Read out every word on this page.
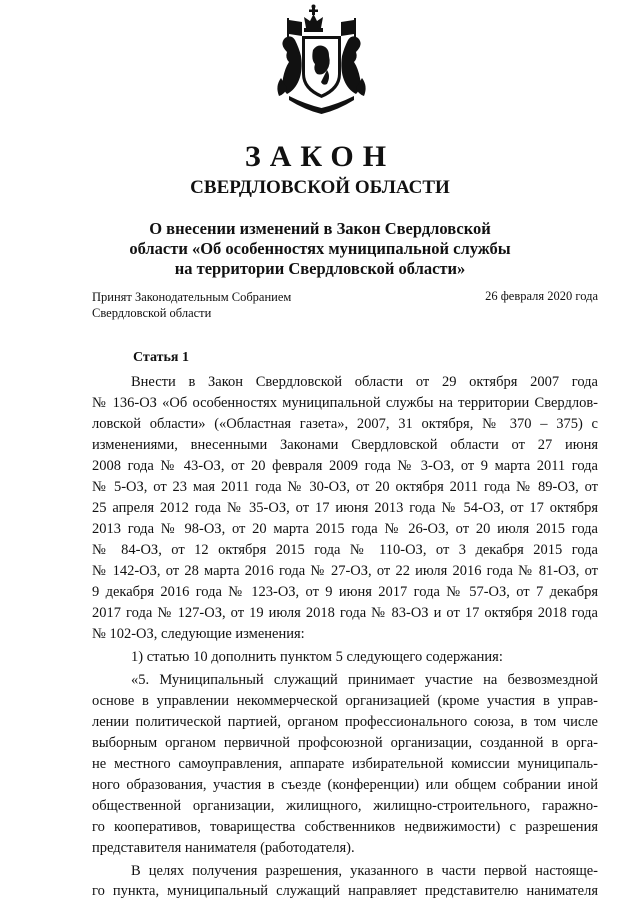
ЗАКОН
СВЕРДЛОВСКОЙ ОБЛАСТИ
О внесении изменений в Закон Свердловской
области «Об особенностях муниципальной службы
на территории Свердловской области»
Принят Законодательным Собранием
Свердловской области
26 февраля 2020 года
Статья 1
Внести в Закон Свердловской области от 29 октября 2007 года
№ 136-ОЗ «Об особенностях муниципальной службы на территории Свердлов-
ловской области» («Областная газета», 2007, 31 октября, № 370 – 375) с
изменениями, внесенными Законами Свердловской области от 27 июня
2008 года № 43-ОЗ, от 20 февраля 2009 года № 3-ОЗ, от 9 марта 2011 года
№ 5-ОЗ, от 23 мая 2011 года № 30-ОЗ, от 20 октября 2011 года № 89-ОЗ, от
25 апреля 2012 года № 35-ОЗ, от 17 июня 2013 года № 54-ОЗ, от 17 октября
2013 года № 98-ОЗ, от 20 марта 2015 года № 26-ОЗ, от 20 июля 2015 года
№ 84-ОЗ, от 12 октября 2015 года № 110-ОЗ, от 3 декабря 2015 года
№ 142-ОЗ, от 28 марта 2016 года № 27-ОЗ, от 22 июля 2016 года № 81-ОЗ, от
9 декабря 2016 года № 123-ОЗ, от 9 июня 2017 года № 57-ОЗ, от 7 декабря
2017 года № 127-ОЗ, от 19 июля 2018 года № 83-ОЗ и от 17 октября 2018 года
№ 102-ОЗ, следующие изменения:
1) статью 10 дополнить пунктом 5 следующего содержания:
«5. Муниципальный служащий принимает участие на безвозмездной
основе в управлении некоммерческой организацией (кроме участия в управ-
лении политической партией, органом профессионального союза, в том числе
выборным органом первичной профсоюзной организации, созданной в орга-
не местного самоуправления, аппарате избирательной комиссии муниципаль-
ного образования, участия в съезде (конференции) или общем собрании иной
общественной организации, жилищного, жилищно-строительного, гаражно-
го кооперативов, товарищества собственников недвижимости) с разрешения
представителя нанимателя (работодателя).
В целях получения разрешения, указанного в части первой настояще-
го пункта, муниципальный служащий направляет представителю нанимателя
